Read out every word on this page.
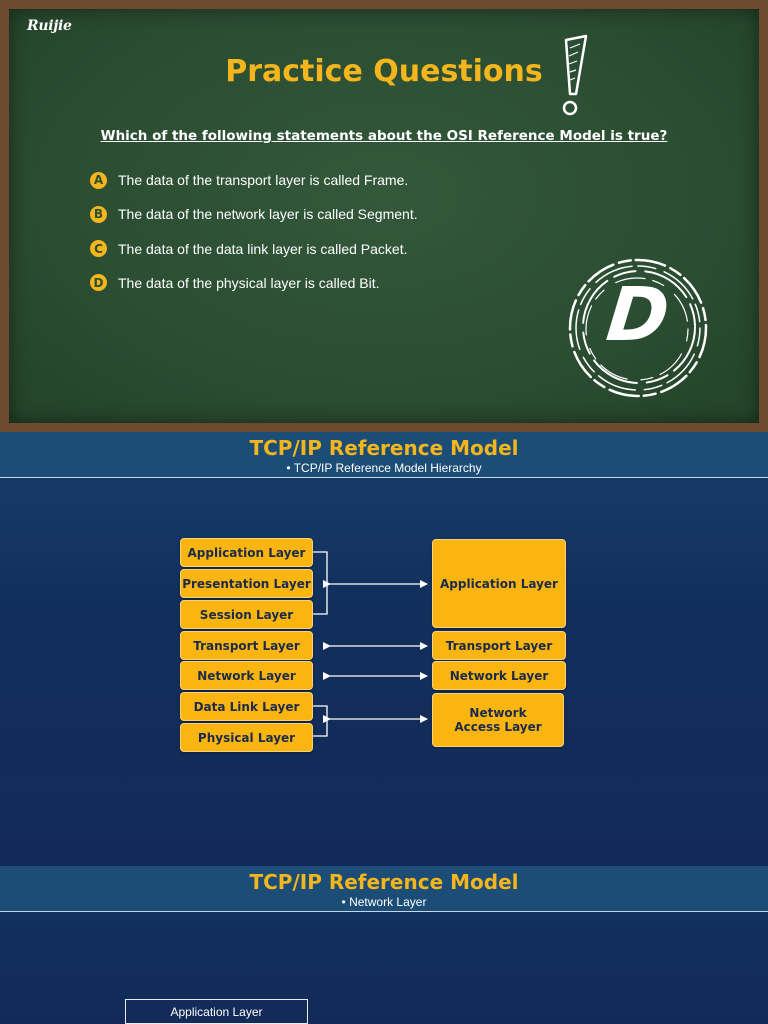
Ruijie
Practice Questions
Which of the following statements about the OSI Reference Model is true?
A The data of the transport layer is called Frame.
B The data of the network layer is called Segment.
C The data of the data link layer is called Packet.
D The data of the physical layer is called Bit.	D
TCP/IP Reference Model
• TCP/IP Reference Model Hierarchy
Application Layer
Presentation Layer
Session Layer
Transport Layer
Network Layer
Data Link Layer
Physical Layer
Application Layer
Transport Layer
Network Layer
Network Access Layer
TCP/IP Reference Model
• Network Layer
Application Layer
